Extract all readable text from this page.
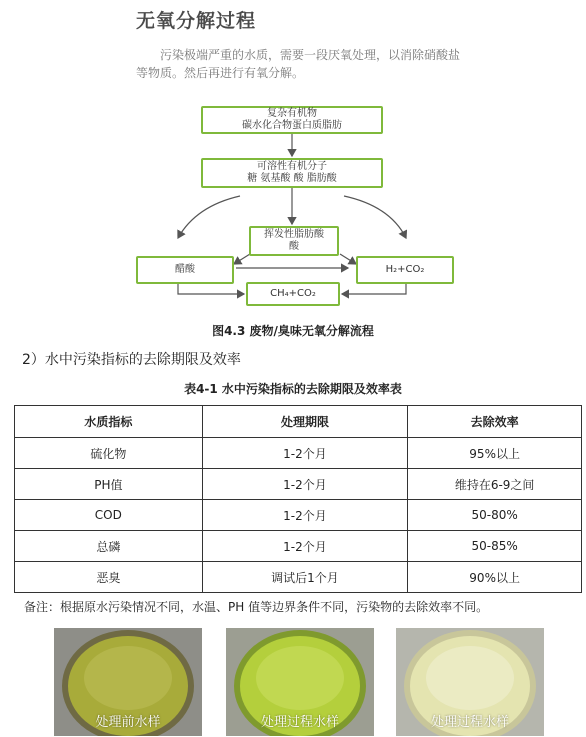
无氧分解过程
污染极端严重的水质，需要一段厌氧处理，以消除硝酸盐等物质。然后再进行有氧分解。
复杂有机物
碳水化合物蛋白质脂肪
可溶性有机分子
糖 氨基酸 酸 脂肪酸
挥发性脂肪酸
酸
醋酸	H₂+CO₂
CH₄+CO₂
图4.3 废物/臭味无氧分解流程
2）水中污染指标的去除期限及效率
表4-1 水中污染指标的去除期限及效率表
水质指标	处理期限	去除效率
硫化物	1-2个月	95%以上
PH值	1-2个月	维持在6-9之间
COD	1-2个月	50-80%
总磷	1-2个月	50-85%
恶臭	调试后1个月	90%以上
备注：根据原水污染情况不同，水温、PH 值等边界条件不同，污染物的去除效率不同。
处理前水样	处理过程水样	处理过程水样
